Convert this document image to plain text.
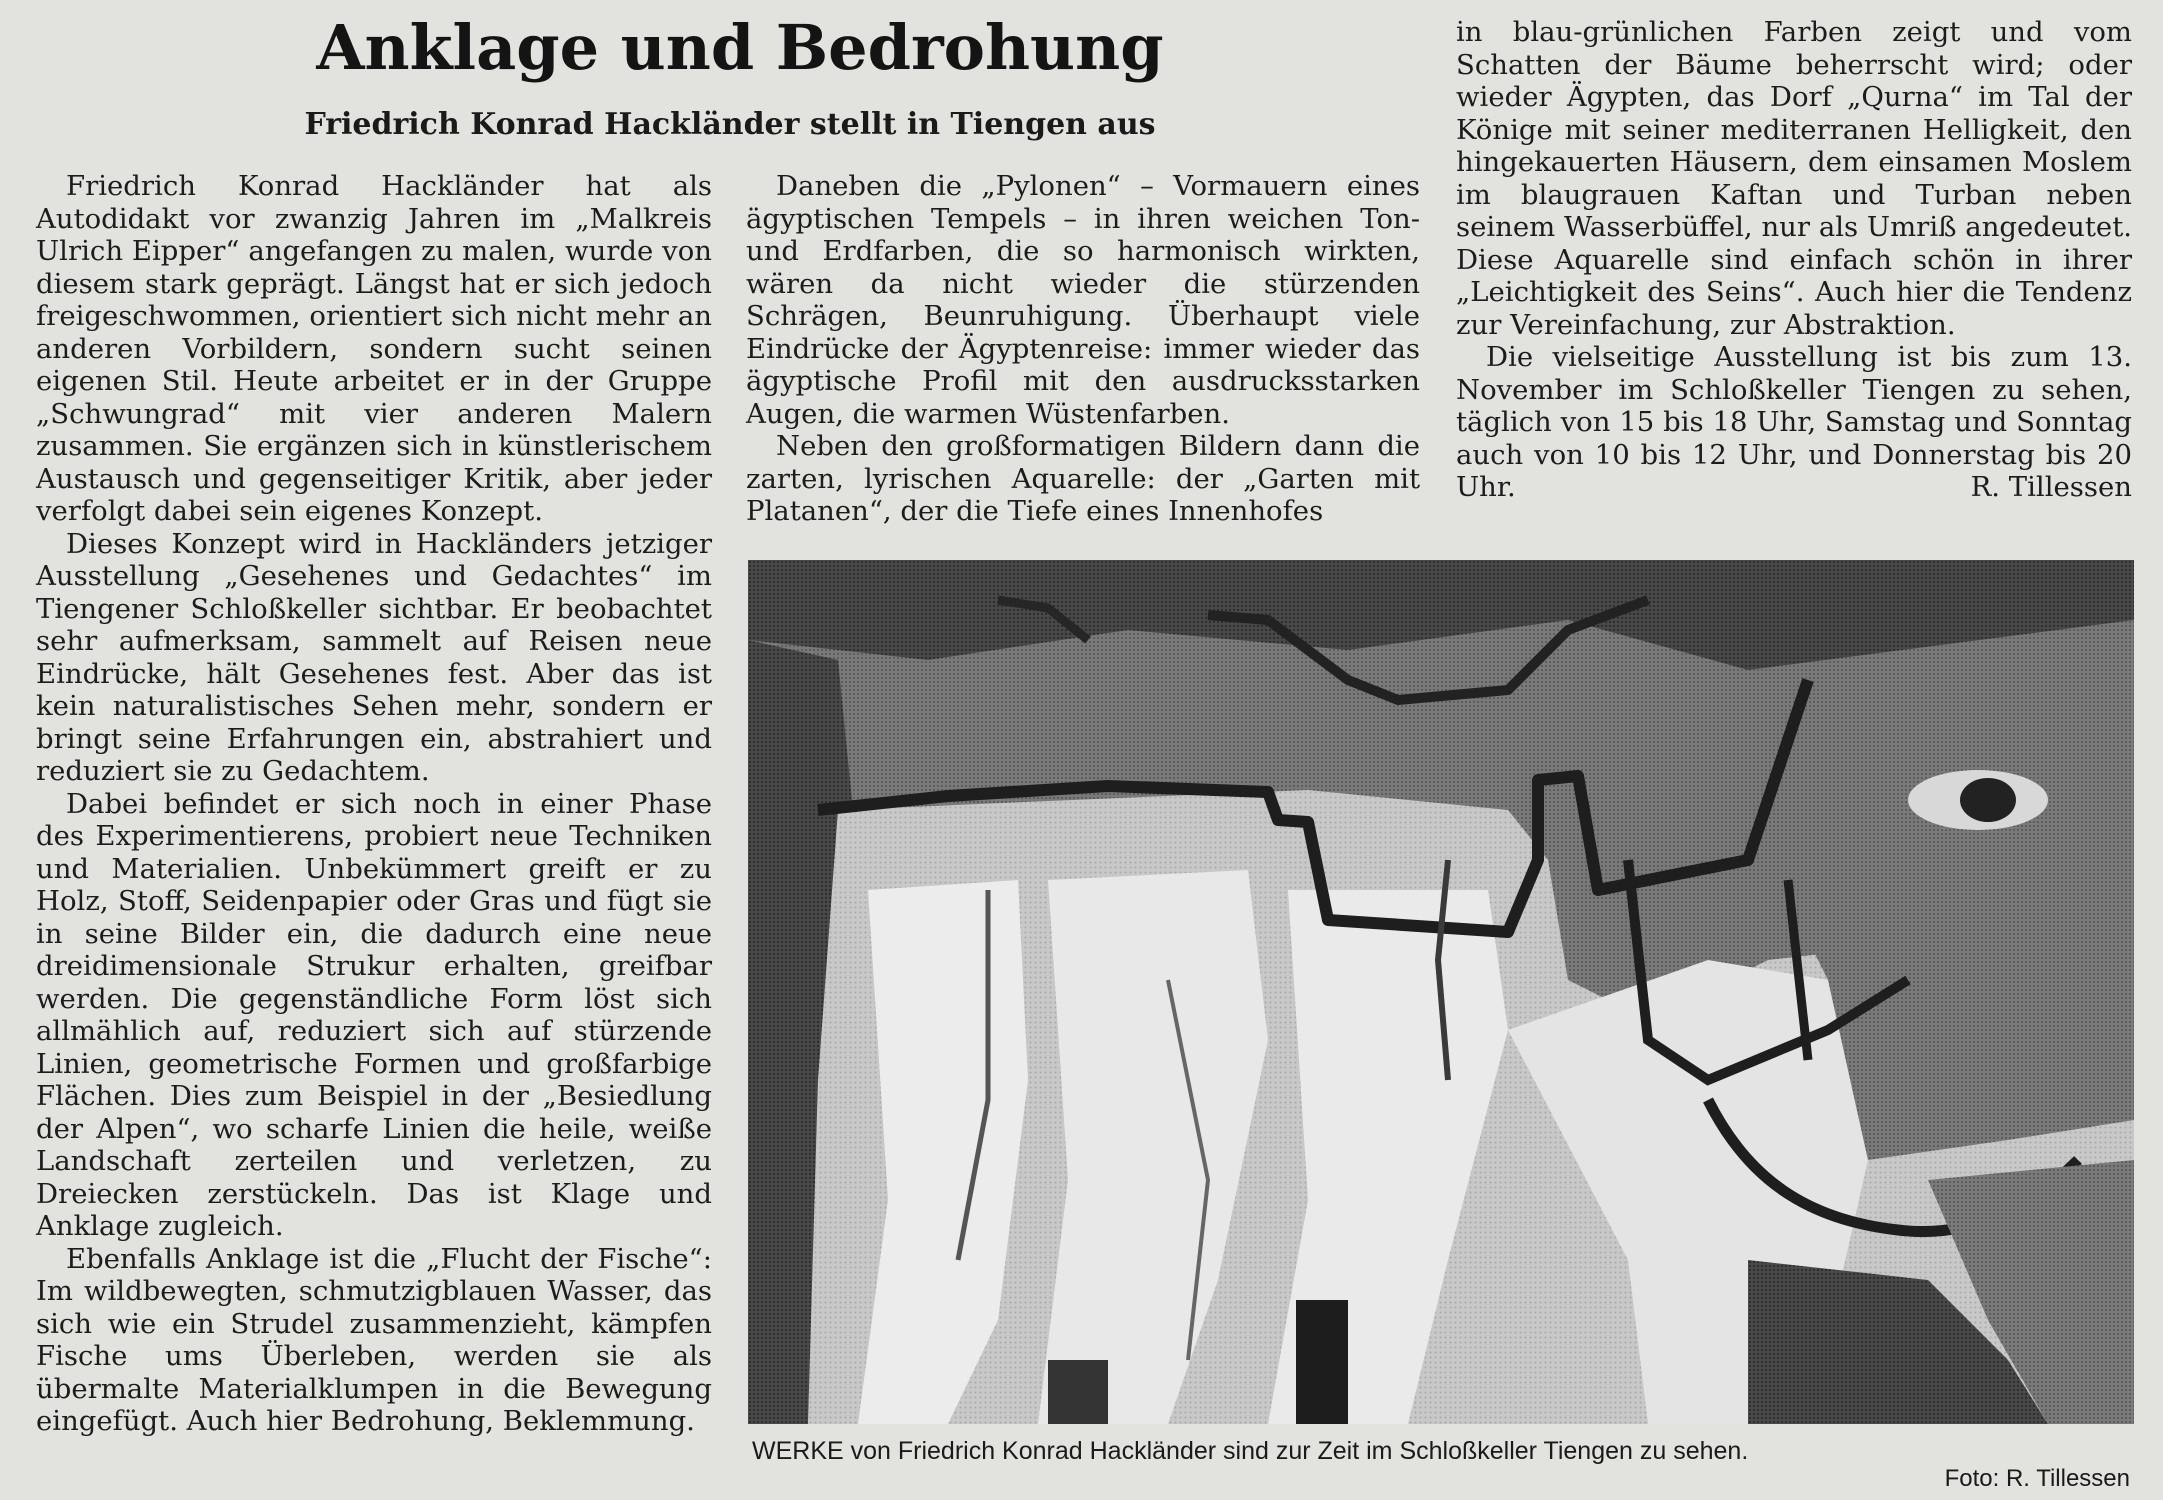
Anklage und Bedrohung
Friedrich Konrad Hackländer stellt in Tiengen aus

Friedrich Konrad Hackländer hat als Autodidakt vor zwanzig Jahren im „Malkreis Ulrich Eipper“ angefangen zu malen, wurde von diesem stark geprägt. Längst hat er sich jedoch freigeschwommen, orientiert sich nicht mehr an anderen Vorbildern, sondern sucht seinen eigenen Stil. Heute arbeitet er in der Gruppe „Schwungrad“ mit vier anderen Malern zusammen. Sie ergänzen sich in künstlerischem Austausch und gegenseitiger Kritik, aber jeder verfolgt dabei sein eigenes Konzept.

Dieses Konzept wird in Hackländers jetziger Ausstellung „Gesehenes und Gedachtes“ im Tiengener Schloßkeller sichtbar. Er beobachtet sehr aufmerksam, sammelt auf Reisen neue Eindrücke, hält Gesehenes fest. Aber das ist kein naturalistisches Sehen mehr, sondern er bringt seine Erfahrungen ein, abstrahiert und reduziert sie zu Gedachtem.

Dabei befindet er sich noch in einer Phase des Experimentierens, probiert neue Techniken und Materialien. Unbekümmert greift er zu Holz, Stoff, Seidenpapier oder Gras und fügt sie in seine Bilder ein, die dadurch eine neue dreidimensionale Strukur erhalten, greifbar werden. Die gegenständliche Form löst sich allmählich auf, reduziert sich auf stürzende Linien, geometrische Formen und großfarbige Flächen. Dies zum Beispiel in der „Besiedlung der Alpen“, wo scharfe Linien die heile, weiße Landschaft zerteilen und verletzen, zu Dreiecken zerstückeln. Das ist Klage und Anklage zugleich.

Ebenfalls Anklage ist die „Flucht der Fische“: Im wildbewegten, schmutzigblauen Wasser, das sich wie ein Strudel zusammenzieht, kämpfen Fische ums Überleben, werden sie als übermalte Materialklumpen in die Bewegung eingefügt. Auch hier Bedrohung, Beklemmung.

Daneben die „Pylonen“ – Vormauern eines ägyptischen Tempels – in ihren weichen Ton- und Erdfarben, die so harmonisch wirkten, wären da nicht wieder die stürzenden Schrägen, Beunruhigung. Überhaupt viele Eindrücke der Ägyptenreise: immer wieder das ägyptische Profil mit den ausdrucksstarken Augen, die warmen Wüstenfarben.

Neben den großformatigen Bildern dann die zarten, lyrischen Aquarelle: der „Garten mit Platanen“, der die Tiefe eines Innenhofes

in blau-grünlichen Farben zeigt und vom Schatten der Bäume beherrscht wird; oder wieder Ägypten, das Dorf „Qurna“ im Tal der Könige mit seiner mediterranen Helligkeit, den hingekauerten Häusern, dem einsamen Moslem im blaugrauen Kaftan und Turban neben seinem Wasserbüffel, nur als Umriß angedeutet. Diese Aquarelle sind einfach schön in ihrer „Leichtigkeit des Seins“. Auch hier die Tendenz zur Vereinfachung, zur Abstraktion.

Die vielseitige Ausstellung ist bis zum 13. November im Schloßkeller Tiengen zu sehen, täglich von 15 bis 18 Uhr, Samstag und Sonntag auch von 10 bis 12 Uhr, und Donnerstag bis 20 Uhr.	R. Tillessen
WERKE von Friedrich Konrad Hackländer sind zur Zeit im Schloßkeller Tiengen zu sehen.
Foto: R. Tillessen
